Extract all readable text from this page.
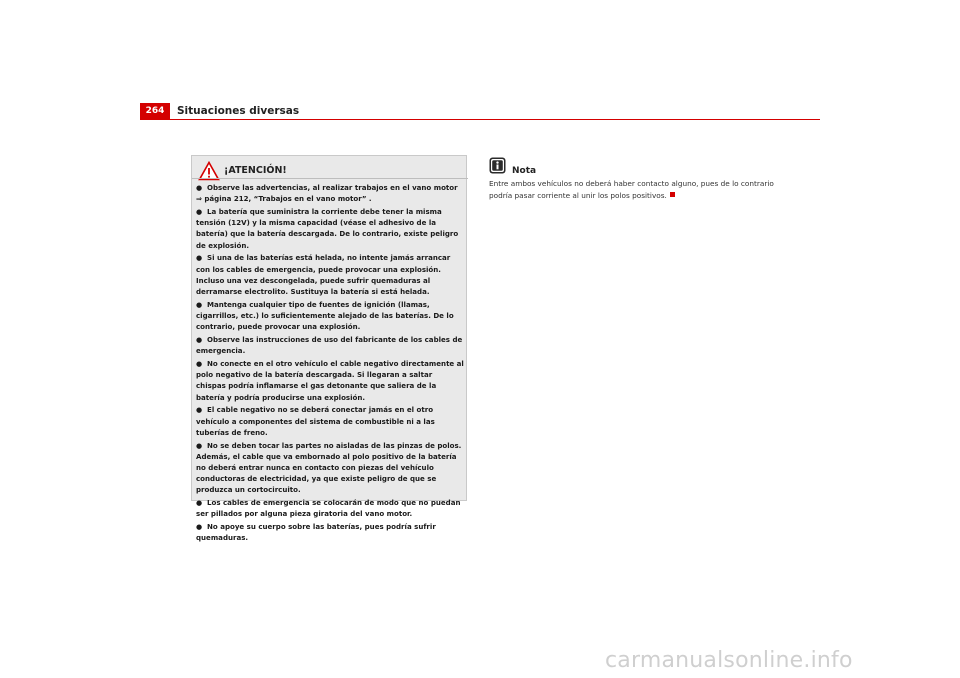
264	Situaciones diversas
¡ATENCIÓN!
● Observe las advertencias, al realizar trabajos en el vano motor ⇒ página 212, “Trabajos en el vano motor” .
● La batería que suministra la corriente debe tener la misma tensión (12V) y la misma capacidad (véase el adhesivo de la batería) que la batería descargada. De lo contrario, existe peligro de explosión.
● Si una de las baterías está helada, no intente jamás arrancar con los cables de emergencia, puede provocar una explosión. Incluso una vez descongelada, puede sufrir quemaduras al derramarse electrolito. Sustituya la batería si está helada.
● Mantenga cualquier tipo de fuentes de ignición (llamas, cigarrillos, etc.) lo suficientemente alejado de las baterías. De lo contrario, puede provocar una explosión.
● Observe las instrucciones de uso del fabricante de los cables de emergencia.
● No conecte en el otro vehículo el cable negativo directamente al polo negativo de la batería descargada. Si llegaran a saltar chispas podría inflamarse el gas detonante que saliera de la batería y podría producirse una explosión.
● El cable negativo no se deberá conectar jamás en el otro vehículo a componentes del sistema de combustible ni a las tuberías de freno.
● No se deben tocar las partes no aisladas de las pinzas de polos. Además, el cable que va embornado al polo positivo de la batería no deberá entrar nunca en contacto con piezas del vehículo conductoras de electricidad, ya que existe peligro de que se produzca un cortocircuito.
● Los cables de emergencia se colocarán de modo que no puedan ser pillados por alguna pieza giratoria del vano motor.
● No apoye su cuerpo sobre las baterías, pues podría sufrir quemaduras.
Nota
Entre ambos vehículos no deberá haber contacto alguno, pues de lo contrario podría pasar corriente al unir los polos positivos.
carmanualsonline.info
